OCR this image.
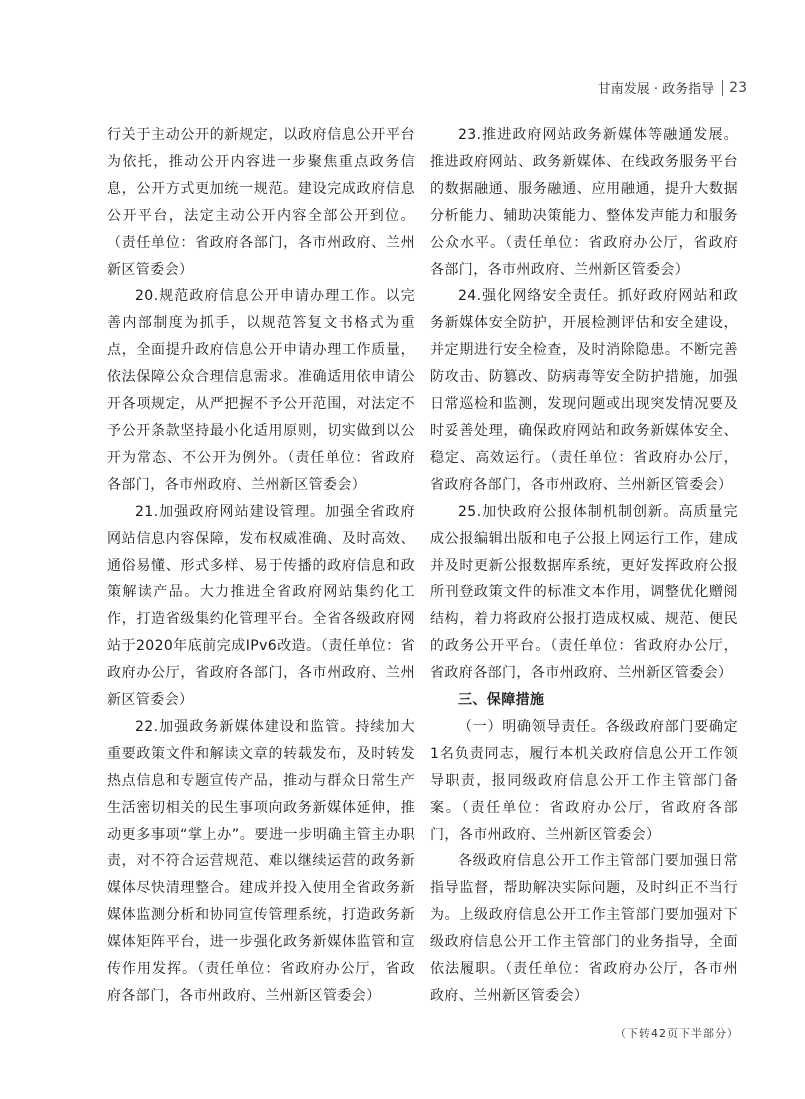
甘南发展 · 政务指导 23

行关于主动公开的新规定，以政府信息公开平台为依托，推动公开内容进一步聚焦重点政务信息，公开方式更加统一规范。建设完成政府信息公开平台，法定主动公开内容全部公开到位。（责任单位：省政府各部门，各市州政府、兰州新区管委会）

20.规范政府信息公开申请办理工作。以完善内部制度为抓手，以规范答复文书格式为重点，全面提升政府信息公开申请办理工作质量，依法保障公众合理信息需求。准确适用依申请公开各项规定，从严把握不予公开范围，对法定不予公开条款坚持最小化适用原则，切实做到以公开为常态、不公开为例外。（责任单位：省政府各部门，各市州政府、兰州新区管委会）

21.加强政府网站建设管理。加强全省政府网站信息内容保障，发布权威准确、及时高效、通俗易懂、形式多样、易于传播的政府信息和政策解读产品。大力推进全省政府网站集约化工作，打造省级集约化管理平台。全省各级政府网站于2020年底前完成IPv6改造。（责任单位：省政府办公厅，省政府各部门，各市州政府、兰州新区管委会）

22.加强政务新媒体建设和监管。持续加大重要政策文件和解读文章的转载发布，及时转发热点信息和专题宣传产品，推动与群众日常生产生活密切相关的民生事项向政务新媒体延伸，推动更多事项“掌上办”。要进一步明确主管主办职责，对不符合运营规范、难以继续运营的政务新媒体尽快清理整合。建成并投入使用全省政务新媒体监测分析和协同宣传管理系统，打造政务新媒体矩阵平台，进一步强化政务新媒体监管和宣传作用发挥。（责任单位：省政府办公厅，省政府各部门，各市州政府、兰州新区管委会）

23.推进政府网站政务新媒体等融通发展。推进政府网站、政务新媒体、在线政务服务平台的数据融通、服务融通、应用融通，提升大数据分析能力、辅助决策能力、整体发声能力和服务公众水平。（责任单位：省政府办公厅，省政府各部门，各市州政府、兰州新区管委会）

24.强化网络安全责任。抓好政府网站和政务新媒体安全防护，开展检测评估和安全建设，并定期进行安全检查，及时消除隐患。不断完善防攻击、防篡改、防病毒等安全防护措施，加强日常巡检和监测，发现问题或出现突发情况要及时妥善处理，确保政府网站和政务新媒体安全、稳定、高效运行。（责任单位：省政府办公厅，省政府各部门，各市州政府、兰州新区管委会）

25.加快政府公报体制机制创新。高质量完成公报编辑出版和电子公报上网运行工作，建成并及时更新公报数据库系统，更好发挥政府公报所刊登政策文件的标准文本作用，调整优化赠阅结构，着力将政府公报打造成权威、规范、便民的政务公开平台。（责任单位：省政府办公厅，省政府各部门，各市州政府、兰州新区管委会）

三、保障措施

（一）明确领导责任。各级政府部门要确定1名负责同志，履行本机关政府信息公开工作领导职责，报同级政府信息公开工作主管部门备案。（责任单位：省政府办公厅，省政府各部门，各市州政府、兰州新区管委会）

各级政府信息公开工作主管部门要加强日常指导监督，帮助解决实际问题，及时纠正不当行为。上级政府信息公开工作主管部门要加强对下级政府信息公开工作主管部门的业务指导，全面依法履职。（责任单位：省政府办公厅，各市州政府、兰州新区管委会）

（下转42页下半部分）
